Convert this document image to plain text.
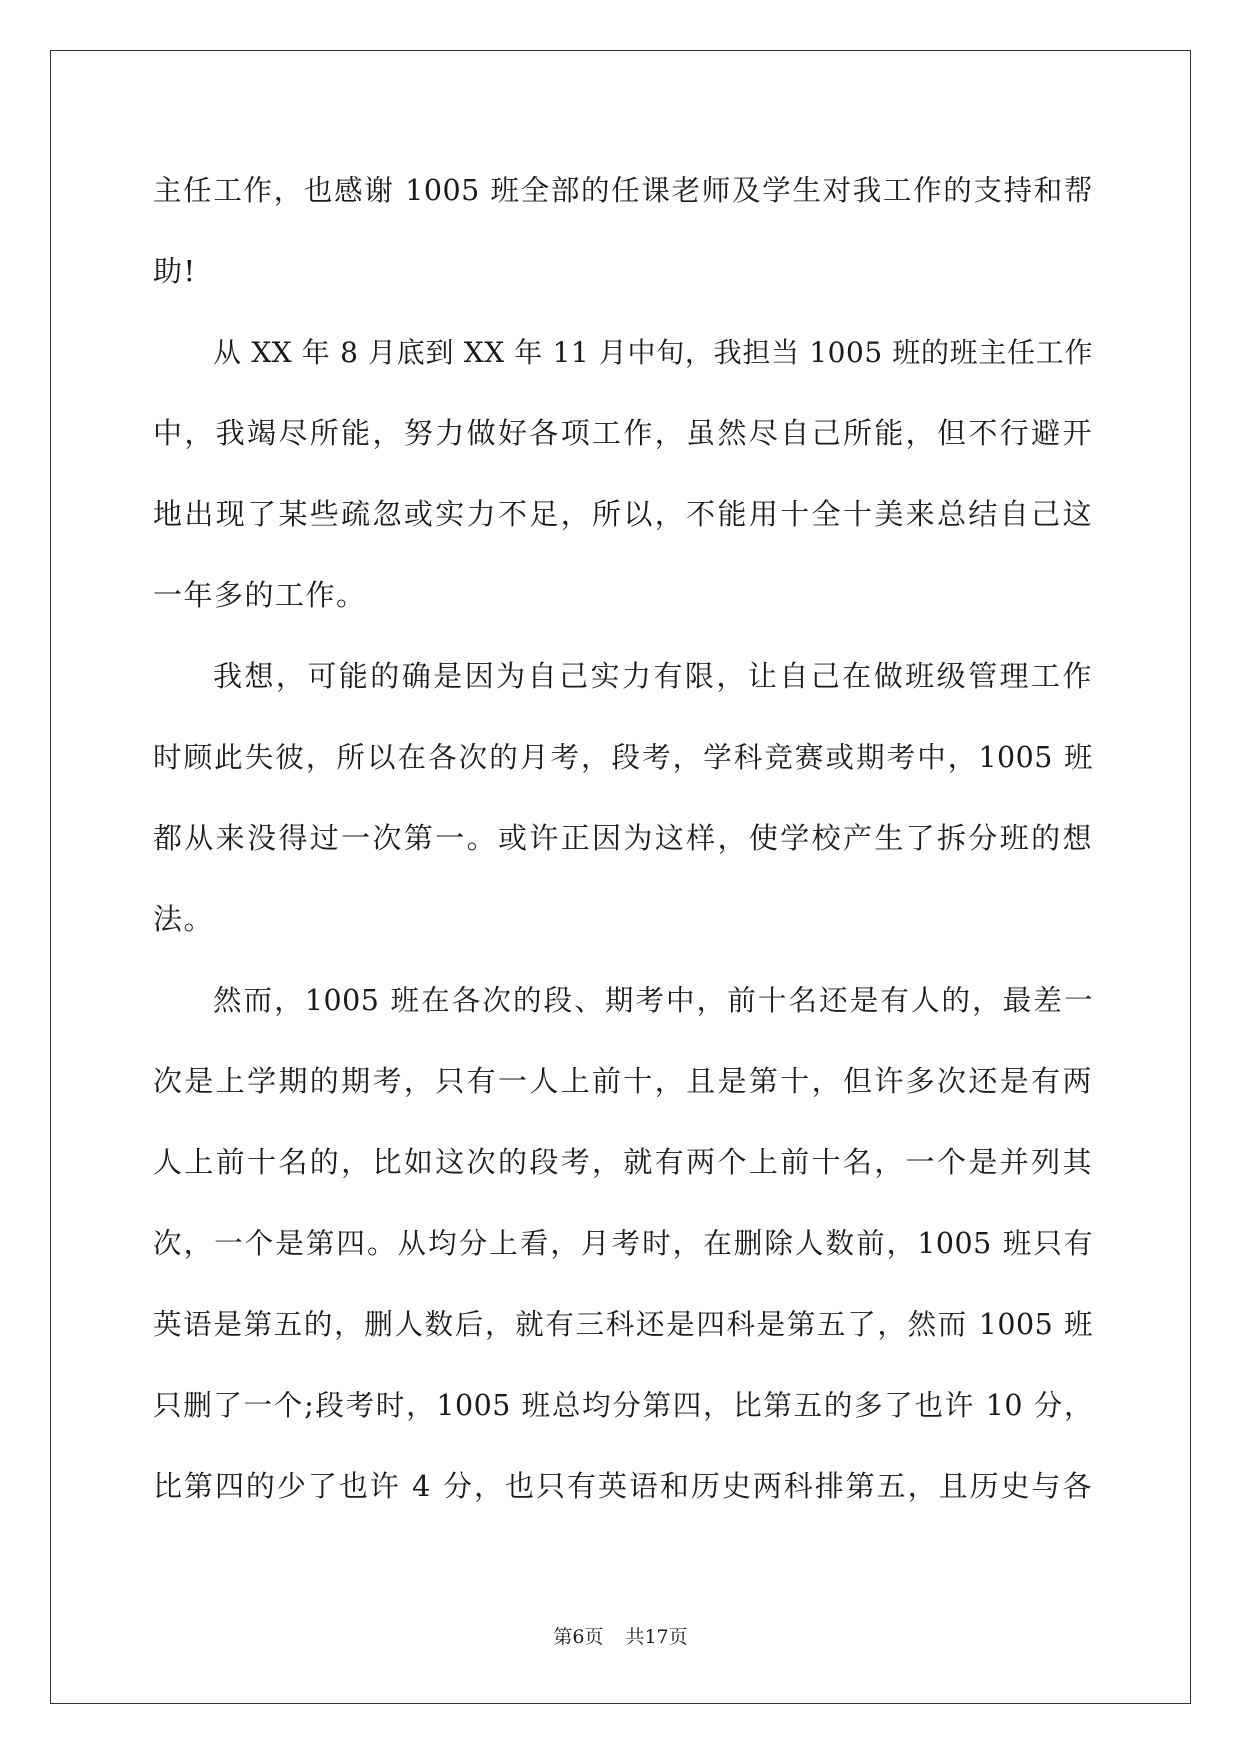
主任工作，也感谢 1005 班全部的任课老师及学生对我工作的支持和帮
助!
从 XX 年 8 月底到 XX 年 11 月中旬，我担当 1005 班的班主任工作
中，我竭尽所能，努力做好各项工作，虽然尽自己所能，但不行避开
地出现了某些疏忽或实力不足，所以，不能用十全十美来总结自己这
一年多的工作。
我想，可能的确是因为自己实力有限，让自己在做班级管理工作
时顾此失彼，所以在各次的月考，段考，学科竞赛或期考中，1005 班
都从来没得过一次第一。或许正因为这样，使学校产生了拆分班的想
法。
然而，1005 班在各次的段、期考中，前十名还是有人的，最差一
次是上学期的期考，只有一人上前十，且是第十，但许多次还是有两
人上前十名的，比如这次的段考，就有两个上前十名，一个是并列其
次，一个是第四。从均分上看，月考时，在删除人数前，1005 班只有
英语是第五的，删人数后，就有三科还是四科是第五了，然而 1005 班
只删了一个;段考时，1005 班总均分第四，比第五的多了也许 10 分，
比第四的少了也许 4 分，也只有英语和历史两科排第五，且历史与各
第6页 共17页
